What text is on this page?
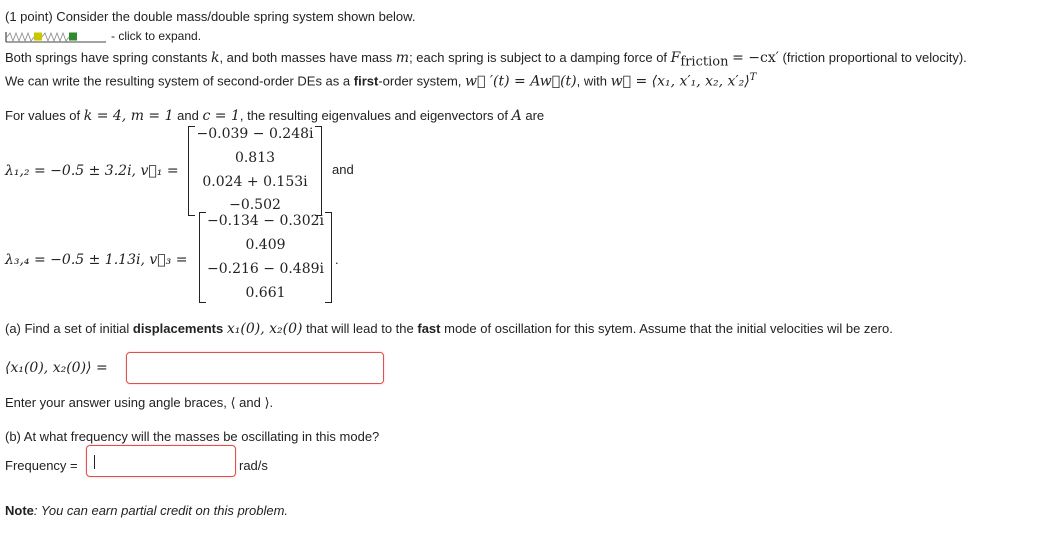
(1 point) Consider the double mass/double spring system shown below.
- click to expand.
Both springs have spring constants k, and both masses have mass m; each spring is subject to a damping force of $F_{friction} = -cx'$ (friction proportional to velocity).
We can write the resulting system of second-order DEs as a first-order system, w⃗ ′(t) = Aw⃗(t), with w⃗ = ⟨x₁, x′₁, x₂, x′₂⟩$^T$
For values of k = 4, m = 1 and c = 1, the resulting eigenvalues and eigenvectors of A are
λ₁,₂ = −0.5 ± 3.2i, v⃗₁ =
−0.039 − 0.248i
0.813
0.024 + 0.153i
−0.502
and
λ₃,₄ = −0.5 ± 1.13i, v⃗₃ =
−0.134 − 0.302i
0.409
−0.216 − 0.489i
0.661
.
(a) Find a set of initial displacements x₁(0), x₂(0) that will lead to the fast mode of oscillation for this sytem. Assume that the initial velocities wil be zero.
⟨x₁(0), x₂(0)⟩ =
Enter your answer using angle braces, ⟨ and ⟩.
(b) At what frequency will the masses be oscillating in this mode?
Frequency =	rad/s
Note: You can earn partial credit on this problem.
